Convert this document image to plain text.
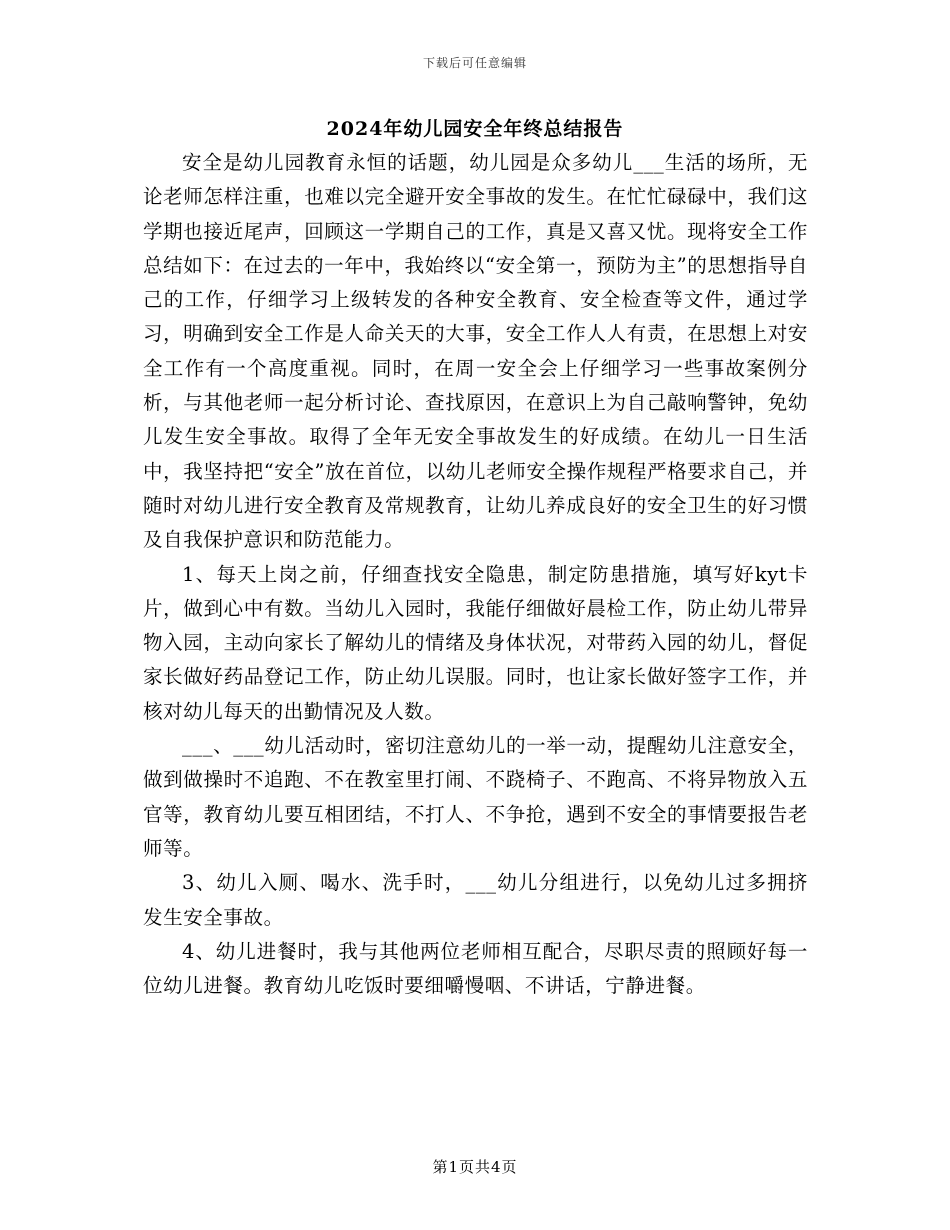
下载后可任意编辑
2024年幼儿园安全年终总结报告

安全是幼儿园教育永恒的话题，幼儿园是众多幼儿___生活的场所，无论老师怎样注重，也难以完全避开安全事故的发生。在忙忙碌碌中，我们这学期也接近尾声，回顾这一学期自己的工作，真是又喜又忧。现将安全工作总结如下：在过去的一年中，我始终以“安全第一，预防为主”的思想指导自己的工作，仔细学习上级转发的各种安全教育、安全检查等文件，通过学习，明确到安全工作是人命关天的大事，安全工作人人有责，在思想上对安全工作有一个高度重视。同时，在周一安全会上仔细学习一些事故案例分析，与其他老师一起分析讨论、查找原因，在意识上为自己敲响警钟，免幼儿发生安全事故。取得了全年无安全事故发生的好成绩。在幼儿一日生活中，我坚持把“安全”放在首位，以幼儿老师安全操作规程严格要求自己，并随时对幼儿进行安全教育及常规教育，让幼儿养成良好的安全卫生的好习惯及自我保护意识和防范能力。

1、每天上岗之前，仔细查找安全隐患，制定防患措施，填写好kyt卡片，做到心中有数。当幼儿入园时，我能仔细做好晨检工作，防止幼儿带异物入园，主动向家长了解幼儿的情绪及身体状况，对带药入园的幼儿，督促家长做好药品登记工作，防止幼儿误服。同时，也让家长做好签字工作，并核对幼儿每天的出勤情况及人数。

___、___幼儿活动时，密切注意幼儿的一举一动，提醒幼儿注意安全，做到做操时不追跑、不在教室里打闹、不跷椅子、不跑高、不将异物放入五官等，教育幼儿要互相团结，不打人、不争抢，遇到不安全的事情要报告老师等。

3、幼儿入厕、喝水、洗手时，___幼儿分组进行，以免幼儿过多拥挤发生安全事故。

4、幼儿进餐时，我与其他两位老师相互配合，尽职尽责的照顾好每一位幼儿进餐。教育幼儿吃饭时要细嚼慢咽、不讲话，宁静进餐。

第1页共4页
